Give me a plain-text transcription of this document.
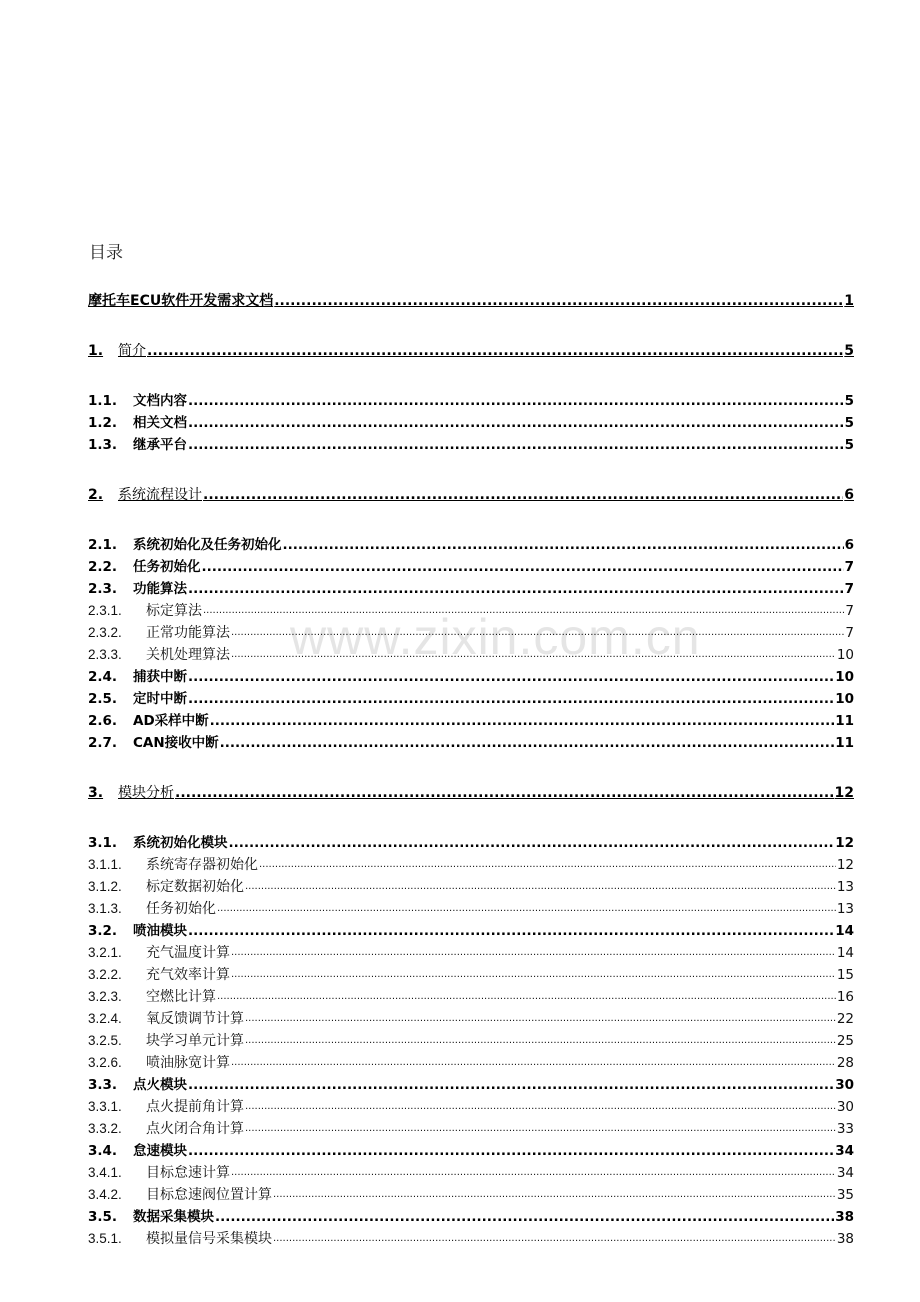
目录
www.zixin.com.cn
摩托车ECU软件开发需求文档 .....	1
1.	简介 .....	5
1.1.	文档内容 .....	5
1.2.	相关文档 .....	5
1.3.	继承平台 .....	5
2.	系统流程设计 .....	6
2.1.	系统初始化及任务初始化 .....	6
2.2.	任务初始化 .....	7
2.3.	功能算法 .....	7
2.3.1.	标定算法 .....	7
2.3.2.	正常功能算法 .....	7
2.3.3.	关机处理算法 .....	10
2.4.	捕获中断 .....	10
2.5.	定时中断 .....	10
2.6.	AD采样中断 .....	11
2.7.	CAN接收中断 .....	11
3.	模块分析 .....	12
3.1.	系统初始化模块 .....	12
3.1.1.	系统寄存器初始化 .....	12
3.1.2.	标定数据初始化 .....	13
3.1.3.	任务初始化 .....	13
3.2.	喷油模块 .....	14
3.2.1.	充气温度计算 .....	14
3.2.2.	充气效率计算 .....	15
3.2.3.	空燃比计算 .....	16
3.2.4.	氧反馈调节计算 .....	22
3.2.5.	块学习单元计算 .....	25
3.2.6.	喷油脉宽计算 .....	28
3.3.	点火模块 .....	30
3.3.1.	点火提前角计算 .....	30
3.3.2.	点火闭合角计算 .....	33
3.4.	怠速模块 .....	34
3.4.1.	目标怠速计算 .....	34
3.4.2.	目标怠速阀位置计算 .....	35
3.5.	数据采集模块 .....	38
3.5.1.	模拟量信号采集模块 .....	38
